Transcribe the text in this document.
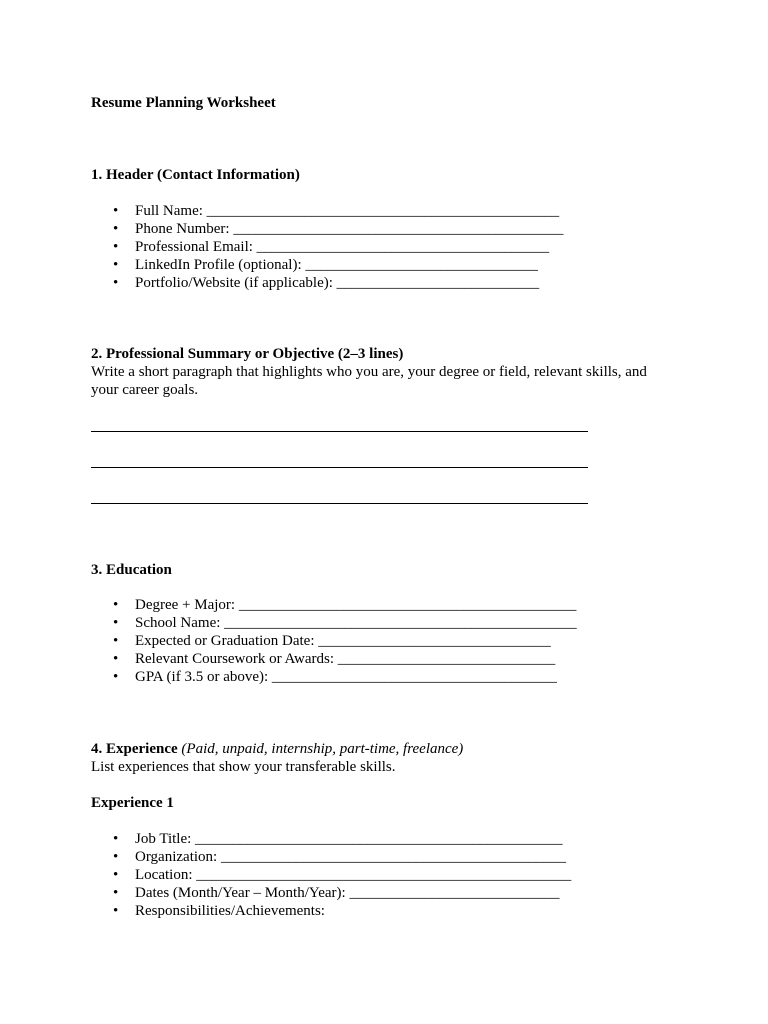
Resume Planning Worksheet
1. Header (Contact Information)
• Full Name: _______________________________________________
• Phone Number: ____________________________________________
• Professional Email: _______________________________________
• LinkedIn Profile (optional): _______________________________
• Portfolio/Website (if applicable): ___________________________
2. Professional Summary or Objective (2–3 lines)
Write a short paragraph that highlights who you are, your degree or field, relevant skills, and
your career goals.
3. Education
• Degree + Major: _____________________________________________
• School Name: _______________________________________________
• Expected or Graduation Date: _______________________________
• Relevant Coursework or Awards: _____________________________
• GPA (if 3.5 or above): ______________________________________
4. Experience (Paid, unpaid, internship, part-time, freelance)
List experiences that show your transferable skills.
Experience 1
• Job Title: _________________________________________________
• Organization: ______________________________________________
• Location: __________________________________________________
• Dates (Month/Year – Month/Year): ____________________________
• Responsibilities/Achievements:
